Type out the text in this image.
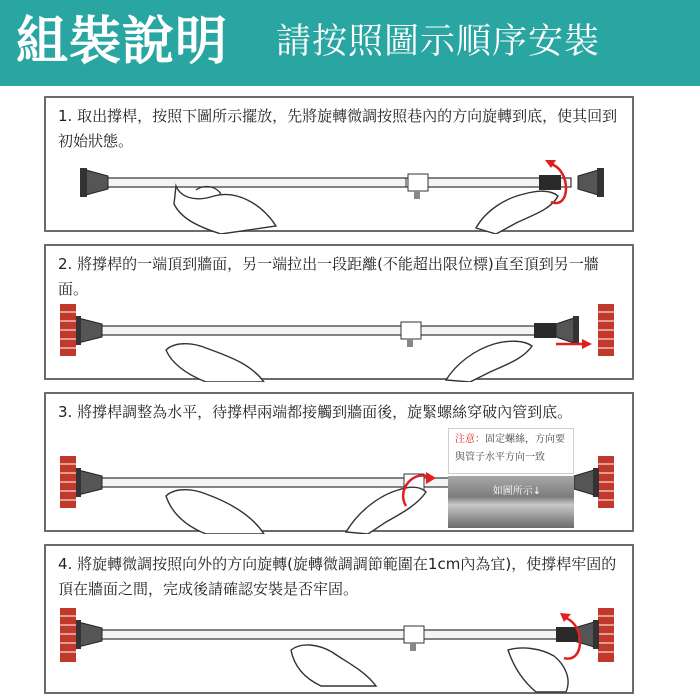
組裝說明 請按照圖示順序安裝
1. 取出撐桿，按照下圖所示擺放，先將旋轉微調按照巷內的方向旋轉到底，使其回到初始狀態。
2. 將撐桿的一端頂到牆面，另一端拉出一段距離(不能超出限位標)直至頂到另一牆面。
3. 將撐桿調整為水平，待撐桿兩端都接觸到牆面後，旋緊螺絲穿破內管到底。
注意：固定螺絲，方向要與管子水平方向一致
如圖所示↓
4. 將旋轉微調按照向外的方向旋轉(旋轉微調調節範圍在1cm內為宜)，使撐桿牢固的頂在牆面之間，完成後請確認安裝是否牢固。
